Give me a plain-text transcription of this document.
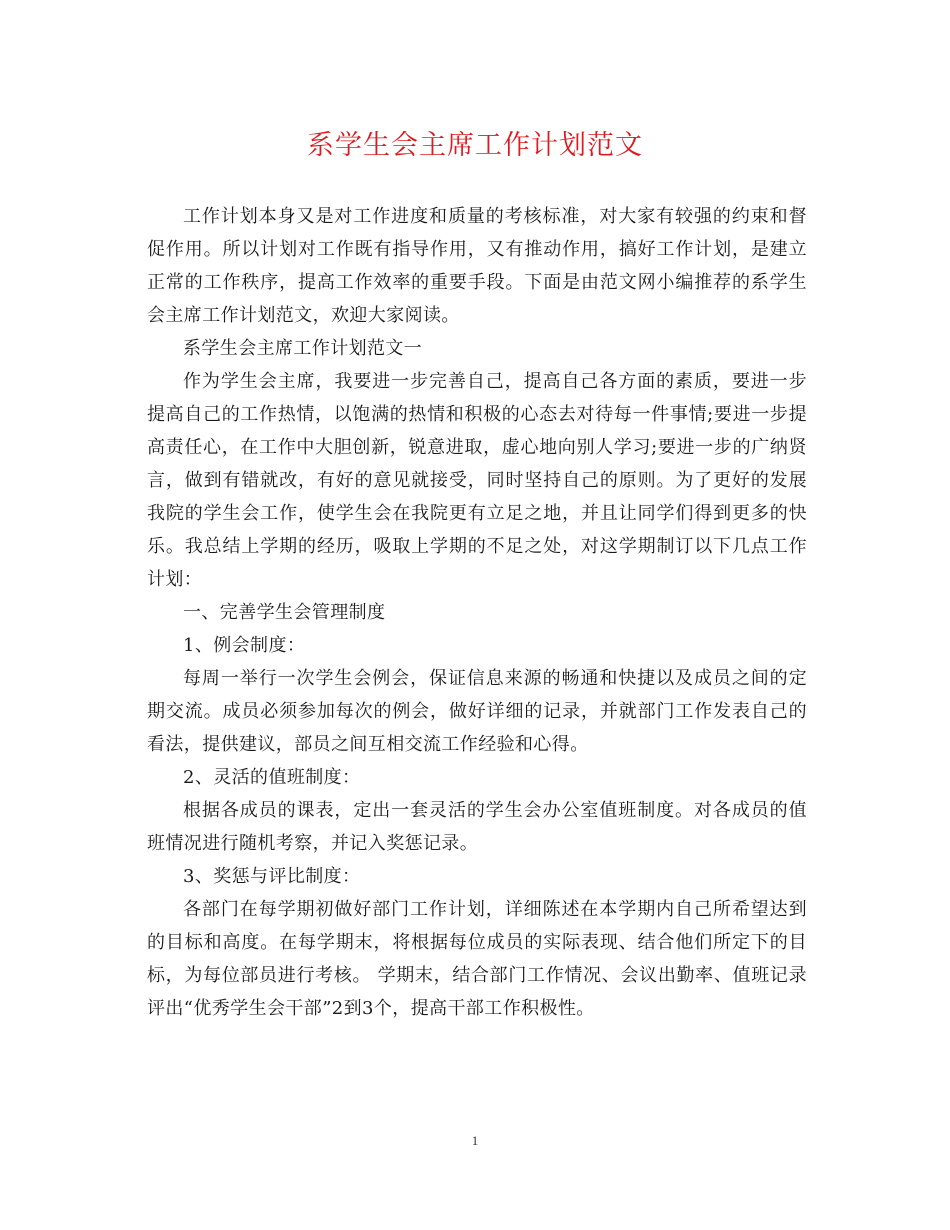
系学生会主席工作计划范文

工作计划本身又是对工作进度和质量的考核标准，对大家有较强的约束和督促作用。所以计划对工作既有指导作用，又有推动作用，搞好工作计划，是建立正常的工作秩序，提高工作效率的重要手段。下面是由范文网小编推荐的系学生会主席工作计划范文，欢迎大家阅读。

系学生会主席工作计划范文一

作为学生会主席，我要进一步完善自己，提高自己各方面的素质，要进一步提高自己的工作热情，以饱满的热情和积极的心态去对待每一件事情;要进一步提高责任心，在工作中大胆创新，锐意进取，虚心地向别人学习;要进一步的广纳贤言，做到有错就改，有好的意见就接受，同时坚持自己的原则。为了更好的发展我院的学生会工作，使学生会在我院更有立足之地，并且让同学们得到更多的快乐。我总结上学期的经历，吸取上学期的不足之处，对这学期制订以下几点工作计划：

一、完善学生会管理制度

1、例会制度：

每周一举行一次学生会例会，保证信息来源的畅通和快捷以及成员之间的定期交流。成员必须参加每次的例会，做好详细的记录，并就部门工作发表自己的看法，提供建议，部员之间互相交流工作经验和心得。

2、灵活的值班制度：

根据各成员的课表，定出一套灵活的学生会办公室值班制度。对各成员的值班情况进行随机考察，并记入奖惩记录。

3、奖惩与评比制度：

各部门在每学期初做好部门工作计划，详细陈述在本学期内自己所希望达到的目标和高度。在每学期末，将根据每位成员的实际表现、结合他们所定下的目标，为每位部员进行考核。 学期末，结合部门工作情况、会议出勤率、值班记录评出“优秀学生会干部”2到3个，提高干部工作积极性。

1
